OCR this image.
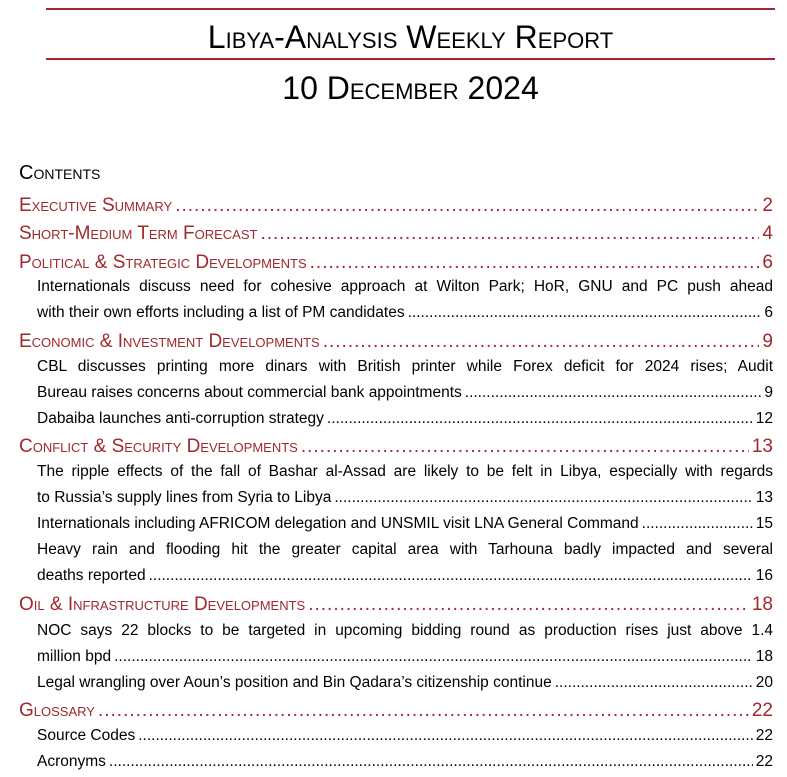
Libya-Analysis Weekly Report
10 December 2024
Contents
Executive Summary .....	2
Short-Medium Term Forecast .....	4
Political & Strategic Developments .....	6
Internationals discuss need for cohesive approach at Wilton Park; HoR, GNU and PC push ahead
with their own efforts including a list of PM candidates .....	6
Economic & Investment Developments .....	9
CBL discusses printing more dinars with British printer while Forex deficit for 2024 rises; Audit
Bureau raises concerns about commercial bank appointments .....	9
Dabaiba launches anti-corruption strategy .....	12
Conflict & Security Developments .....	13
The ripple effects of the fall of Bashar al-Assad are likely to be felt in Libya, especially with regards
to Russia’s supply lines from Syria to Libya .....	13
Internationals including AFRICOM delegation and UNSMIL visit LNA General Command .....	15
Heavy rain and flooding hit the greater capital area with Tarhouna badly impacted and several
deaths reported .....	16
Oil & Infrastructure Developments .....	18
NOC says 22 blocks to be targeted in upcoming bidding round as production rises just above 1.4
million bpd .....	18
Legal wrangling over Aoun’s position and Bin Qadara’s citizenship continue .....	20
Glossary .....	22
Source Codes .....	22
Acronyms .....	22
